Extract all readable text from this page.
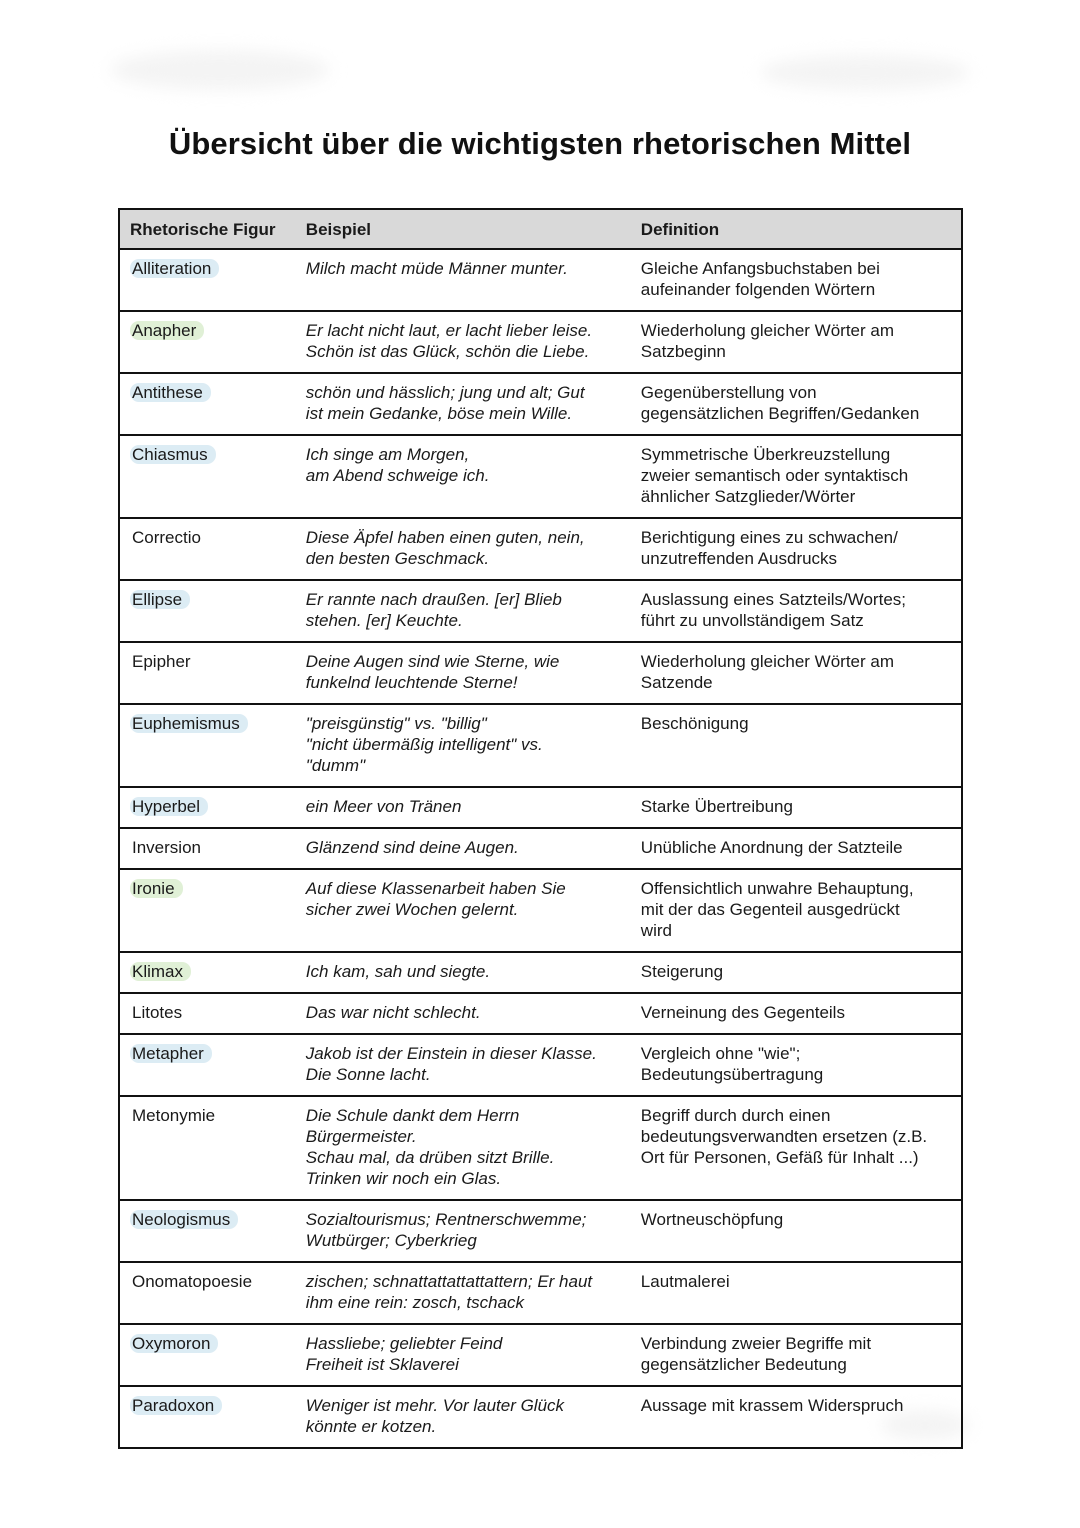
Übersicht über die wichtigsten rhetorischen Mittel
Rhetorische Figur	Beispiel	Definition
Alliteration	Milch macht müde Männer munter.	Gleiche Anfangsbuchstaben bei
aufeinander folgenden Wörtern

Anapher	Er lacht nicht laut, er lacht lieber leise.
Schön ist das Glück, schön die Liebe.	Wiederholung gleicher Wörter am
Satzbeginn

Antithese	schön und hässlich; jung und alt; Gut
ist mein Gedanke, böse mein Wille.	Gegenüberstellung von
gegensätzlichen Begriffen/Gedanken

Chiasmus	Ich singe am Morgen,
am Abend schweige ich.	Symmetrische Überkreuzstellung
zweier semantisch oder syntaktisch
ähnlicher Satzglieder/Wörter

Correctio	Diese Äpfel haben einen guten, nein,
den besten Geschmack.	Berichtigung eines zu schwachen/
unzutreffenden Ausdrucks

Ellipse	Er rannte nach draußen. [er] Blieb
stehen. [er] Keuchte.	Auslassung eines Satzteils/Wortes;
führt zu unvollständigem Satz

Epipher	Deine Augen sind wie Sterne, wie
funkelnd leuchtende Sterne!	Wiederholung gleicher Wörter am
Satzende

Euphemismus	"preisgünstig" vs. "billig"
"nicht übermäßig intelligent" vs.
"dumm"	Beschönigung

Hyperbel	ein Meer von Tränen	Starke Übertreibung

Inversion	Glänzend sind deine Augen.	Unübliche Anordnung der Satzteile

Ironie	Auf diese Klassenarbeit haben Sie
sicher zwei Wochen gelernt.	Offensichtlich unwahre Behauptung,
mit der das Gegenteil ausgedrückt
wird

Klimax	Ich kam, sah und siegte.	Steigerung

Litotes	Das war nicht schlecht.	Verneinung des Gegenteils

Metapher	Jakob ist der Einstein in dieser Klasse.
Die Sonne lacht.	Vergleich ohne "wie";
Bedeutungsübertragung

Metonymie	Die Schule dankt dem Herrn
Bürgermeister.
Schau mal, da drüben sitzt Brille.
Trinken wir noch ein Glas.	Begriff durch durch einen
bedeutungsverwandten ersetzen (z.B.
Ort für Personen, Gefäß für Inhalt ...)

Neologismus	Sozialtourismus; Rentnerschwemme;
Wutbürger; Cyberkrieg	Wortneuschöpfung

Onomatopoesie	zischen; schnattattattattattern; Er haut
ihm eine rein: zosch, tschack	Lautmalerei

Oxymoron	Hassliebe; geliebter Feind
Freiheit ist Sklaverei	Verbindung zweier Begriffe mit
gegensätzlicher Bedeutung

Paradoxon	Weniger ist mehr. Vor lauter Glück
könnte er kotzen.	Aussage mit krassem Widerspruch
